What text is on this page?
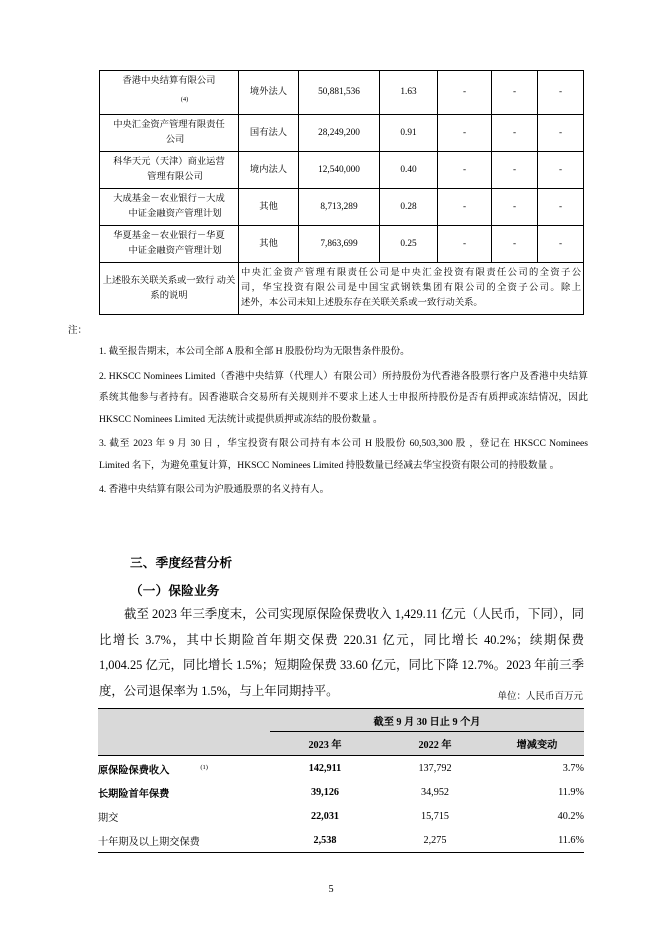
香港中央结算有限公司
$^{(4)}$	境外法人	50,881,536	1.63	-	-	-

中央汇金资产管理有限责任
公司	国有法人	28,249,200	0.91	-	-	-

科华天元（天津）商业运营
管理有限公司	境内法人	12,540,000	0.40	-	-	-

大成基金－农业银行－大成
中证金融资产管理计划	其他	8,713,289	0.28	-	-	-

华夏基金－农业银行－华夏
中证金融资产管理计划	其他	7,863,699	0.25	-	-	-
上述股东关联关系或一致行 动关系的说明	中央汇金资产管理有限责任公司是中央汇金投资有限责任公司的全资子公

司，华宝投资有限公司是中国宝武钢铁集团有限公司的全资子公司。除上

述外，本公司未知上述股东存在关联关系或一致行动关系。					

注：

1. 截至报告期末，本公司全部 A 股和全部 H 股股份均为无限售条件股份。

2. HKSCC Nominees Limited（香港中央结算（代理人）有限公司）所持股份为代香港各股票行客户及香港中央结算系统其他参与者持有。因香港联合交易所有关规则并不要求上述人士申报所持股份是否有质押或冻结情况，因此 HKSCC Nominees Limited 无法统计或提供质押或冻结的股份数量 。

3. 截至 2023 年 9 月 30 日 ，华宝投资有限公司持有本公司 H 股股份 60,503,300 股 ，登记在 HKSCC Nominees Limited 名下，为避免重复计算，HKSCC Nominees Limited 持股数量已经减去华宝投资有限公司的持股数量 。

4. 香港中央结算有限公司为沪股通股票的名义持有人。

三、季度经营分析
（一）保险业务
截至 2023 年三季度末，公司实现原保险保费收入 1,429.11 亿元（人民币，下同），同比增长 3.7%，其中长期险首年期交保费 220.31 亿元，同比增长 40.2%；续期保费 1,004.25 亿元，同比增长 1.5%；短期险保费 33.60 亿元，同比下降 12.7%。2023 年前三季度，公司退保率为 1.5%，与上年同期持平。	单位：人民币百万元
	截至 9 月 30 日止 9 个月		
	2023 年	2022 年	增减变动
原保险保费收入 $^{(1)}$	142,911	137,792	3.7%
长期险首年保费	39,126	34,952	11.9%
期交	22,031	15,715	40.2%
十年期及以上期交保费	2,538	2,275	11.6%
5
